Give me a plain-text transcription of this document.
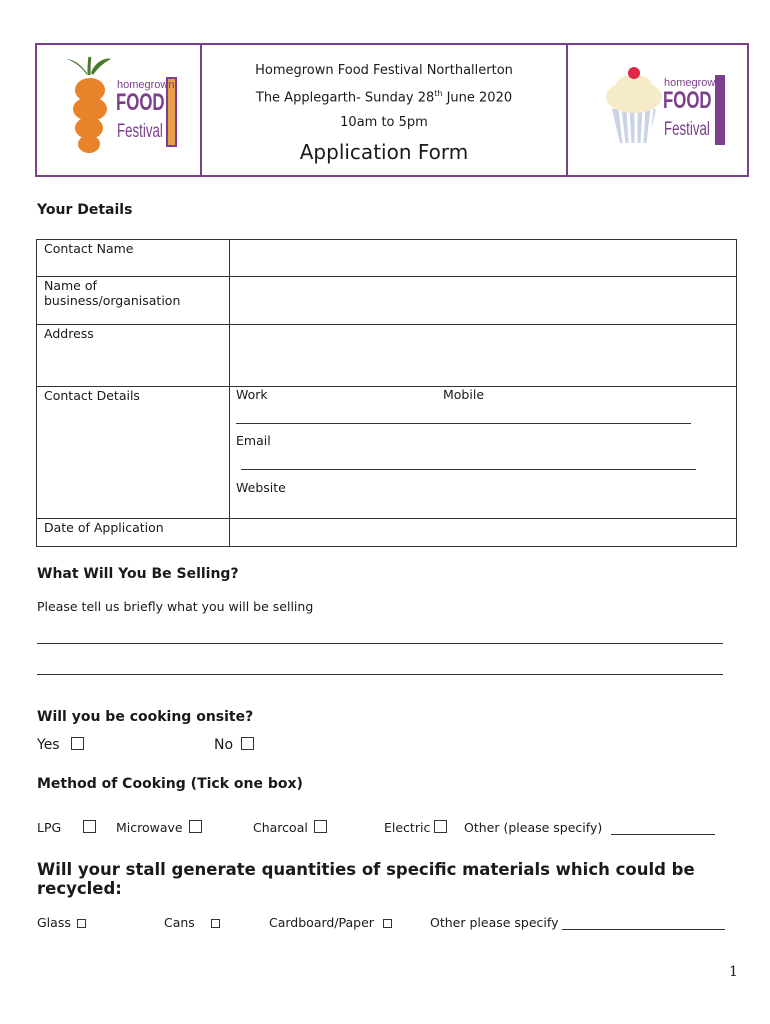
homegrown
FOOD
Festival
Homegrown Food Festival Northallerton
The Applegarth- Sunday 28th June 2020
10am to 5pm
Application Form
homegrown
FOOD
Festival
Your Details
Contact Name	
Name of
business/organisation	
Address	
Contact Details	Work Mobile
Email
Website

Date of Application	
What Will You Be Selling?
Please tell us briefly what you will be selling
Will you be cooking onsite?
Yes	No
Method of Cooking (Tick one box)
LPG	Microwave	Charcoal	Electric	Other (please specify)
Will your stall generate quantities of specific materials which could be recycled:
Glass	Cans	Cardboard/Paper	Other please specify
1
